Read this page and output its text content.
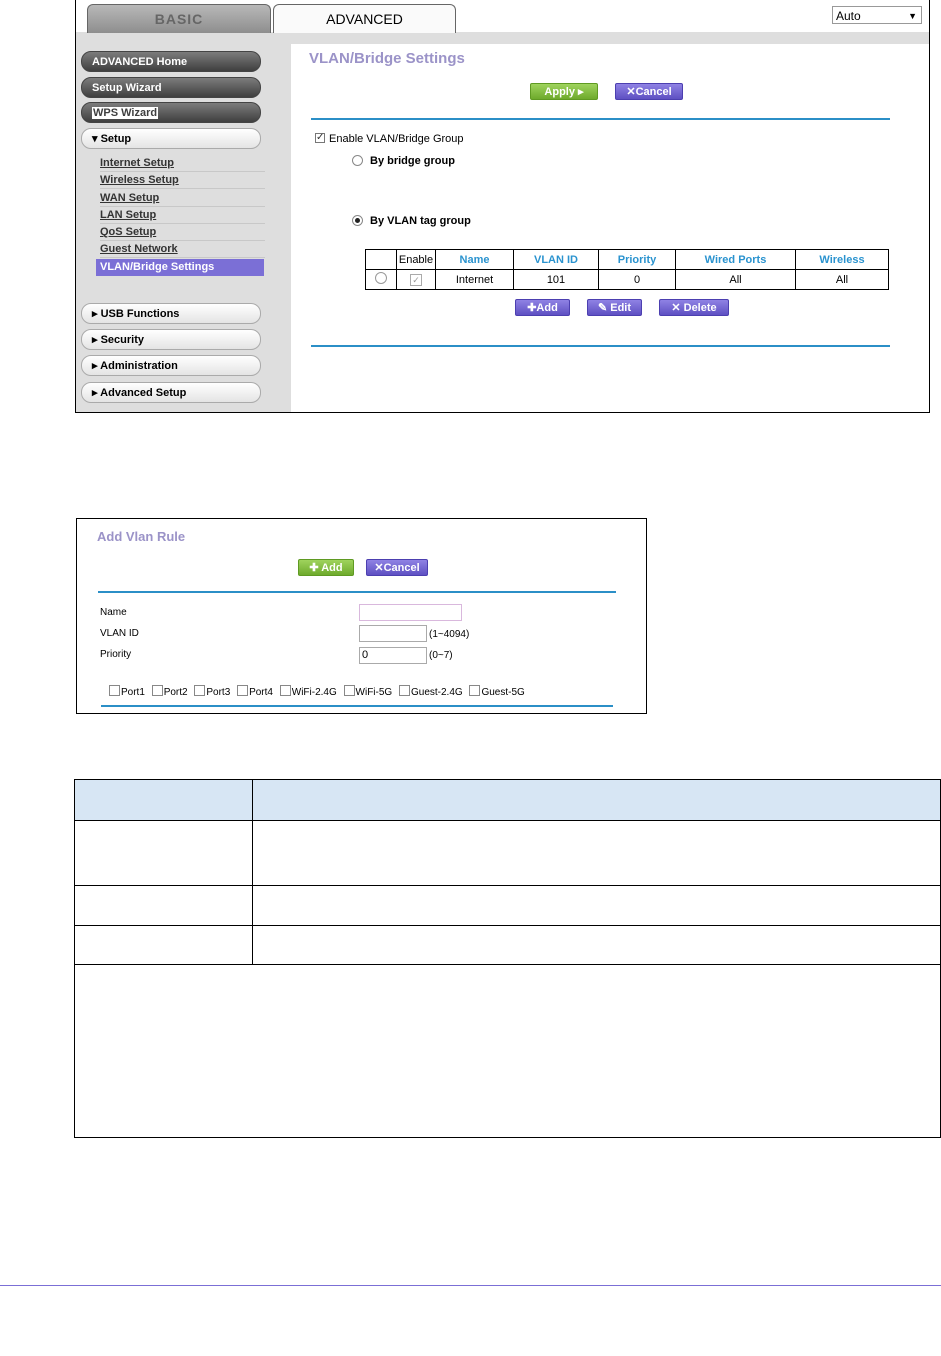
BASIC	ADVANCED	Auto	▼
ADVANCED Home
Setup Wizard
WPS Wizard
▾ Setup
Internet Setup
Wireless Setup
WAN Setup
LAN Setup
QoS Setup
Guest Network
VLAN/Bridge Settings
▸ USB Functions
▸ Security
▸ Administration
▸ Advanced Setup
VLAN/Bridge Settings
Apply ▸	✕Cancel
✓ Enable VLAN/Bridge Group
By bridge group
By VLAN tag group
	Enable	Name	VLAN ID	Priority	Wired Ports	Wireless
	✓	Internet	101	0	All	All
✚Add	✎ Edit	✕ Delete
Add Vlan Rule
✚ Add	✕Cancel
Name
VLAN ID	(1~4094)
Priority	0	(0~7)
Port1 Port2 Port3 Port4 WiFi-2.4G WiFi-5G Guest-2.4G Guest-5G
